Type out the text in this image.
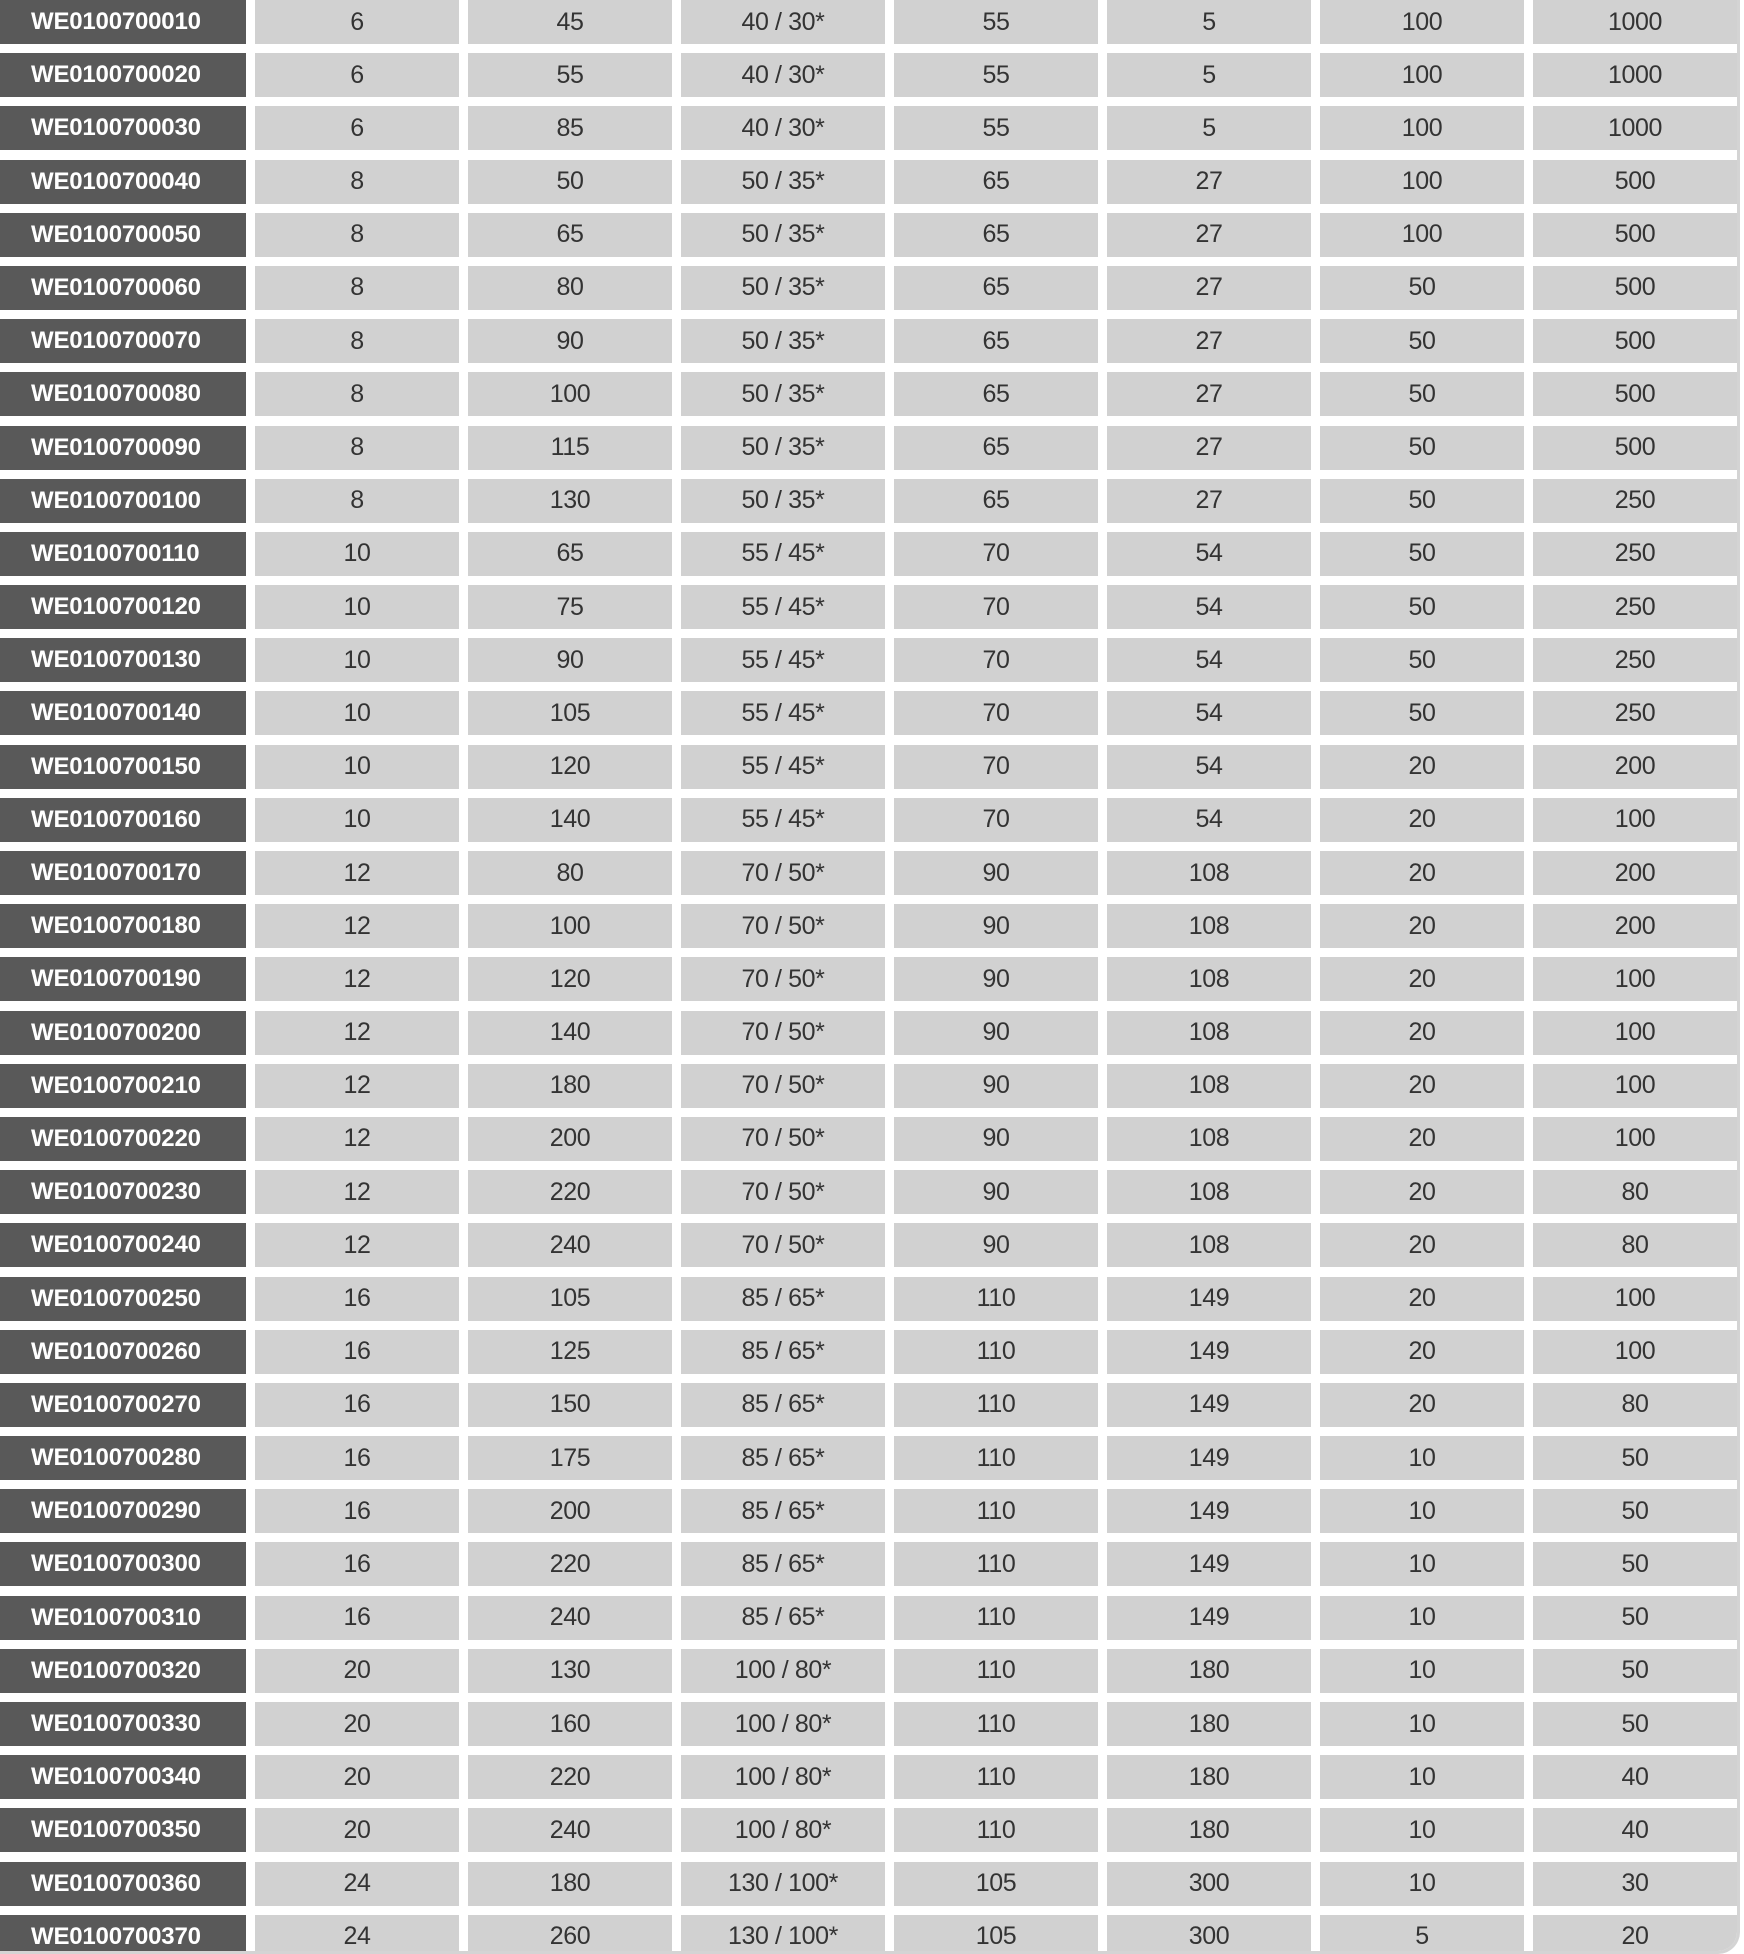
WE0100700010	6	45	40 / 30*	55	5	100	1000
WE0100700020	6	55	40 / 30*	55	5	100	1000
WE0100700030	6	85	40 / 30*	55	5	100	1000
WE0100700040	8	50	50 / 35*	65	27	100	500
WE0100700050	8	65	50 / 35*	65	27	100	500
WE0100700060	8	80	50 / 35*	65	27	50	500
WE0100700070	8	90	50 / 35*	65	27	50	500
WE0100700080	8	100	50 / 35*	65	27	50	500
WE0100700090	8	115	50 / 35*	65	27	50	500
WE0100700100	8	130	50 / 35*	65	27	50	250
WE0100700110	10	65	55 / 45*	70	54	50	250
WE0100700120	10	75	55 / 45*	70	54	50	250
WE0100700130	10	90	55 / 45*	70	54	50	250
WE0100700140	10	105	55 / 45*	70	54	50	250
WE0100700150	10	120	55 / 45*	70	54	20	200
WE0100700160	10	140	55 / 45*	70	54	20	100
WE0100700170	12	80	70 / 50*	90	108	20	200
WE0100700180	12	100	70 / 50*	90	108	20	200
WE0100700190	12	120	70 / 50*	90	108	20	100
WE0100700200	12	140	70 / 50*	90	108	20	100
WE0100700210	12	180	70 / 50*	90	108	20	100
WE0100700220	12	200	70 / 50*	90	108	20	100
WE0100700230	12	220	70 / 50*	90	108	20	80
WE0100700240	12	240	70 / 50*	90	108	20	80
WE0100700250	16	105	85 / 65*	110	149	20	100
WE0100700260	16	125	85 / 65*	110	149	20	100
WE0100700270	16	150	85 / 65*	110	149	20	80
WE0100700280	16	175	85 / 65*	110	149	10	50
WE0100700290	16	200	85 / 65*	110	149	10	50
WE0100700300	16	220	85 / 65*	110	149	10	50
WE0100700310	16	240	85 / 65*	110	149	10	50
WE0100700320	20	130	100 / 80*	110	180	10	50
WE0100700330	20	160	100 / 80*	110	180	10	50
WE0100700340	20	220	100 / 80*	110	180	10	40
WE0100700350	20	240	100 / 80*	110	180	10	40
WE0100700360	24	180	130 / 100*	105	300	10	30
WE0100700370	24	260	130 / 100*	105	300	5	20
